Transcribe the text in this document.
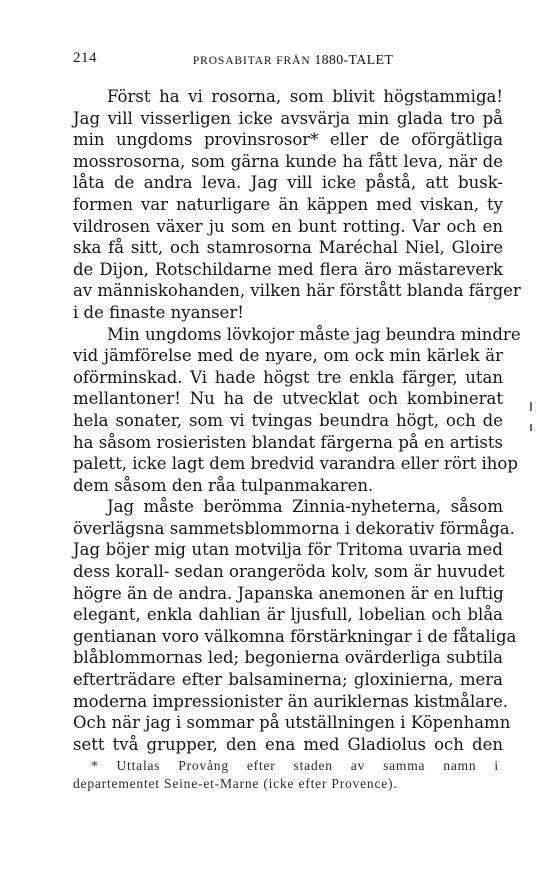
214	PROSABITAR FRÅN 1880-TALET
Först ha vi rosorna, som blivit högstammiga!
Jag vill visserligen icke avsvärja min glada tro på
min ungdoms provinsrosor* eller de oförgätliga
mossrosorna, som gärna kunde ha fått leva, när de
låta de andra leva. Jag vill icke påstå, att busk-
formen var naturligare än käppen med viskan, ty
vildrosen växer ju som en bunt rotting. Var och en
ska få sitt, och stamrosorna Maréchal Niel, Gloire
de Dijon, Rotschildarne med flera äro mästareverk
av människohanden, vilken här förstått blanda färger
i de finaste nyanser!
Min ungdoms lövkojor måste jag beundra mindre
vid jämförelse med de nyare, om ock min kärlek är
oförminskad. Vi hade högst tre enkla färger, utan
mellantoner! Nu ha de utvecklat och kombinerat
hela sonater, som vi tvingas beundra högt, och de
ha såsom rosieristen blandat färgerna på en artists
palett, icke lagt dem bredvid varandra eller rört ihop
dem såsom den råa tulpanmakaren.
Jag måste berömma Zinnia-nyheterna, såsom
överlägsna sammetsblommorna i dekorativ förmåga.
Jag böjer mig utan motvilja för Tritoma uvaria med
dess korall- sedan orangeröda kolv, som är huvudet
högre än de andra. Japanska anemonen är en luftig
elegant, enkla dahlian är ljusfull, lobelian och blåa
gentianan voro välkomna förstärkningar i de fåtaliga
blåblommornas led; begonierna ovärderliga subtila
efterträdare efter balsaminerna; gloxinierna, mera
moderna impressionister än auriklernas kistmålare.
Och när jag i sommar på utställningen i Köpenhamn
sett två grupper, den ena med Gladiolus och den
* Uttalas Provång efter staden av samma namn i
departementet Seine-et-Marne (icke efter Provence).
